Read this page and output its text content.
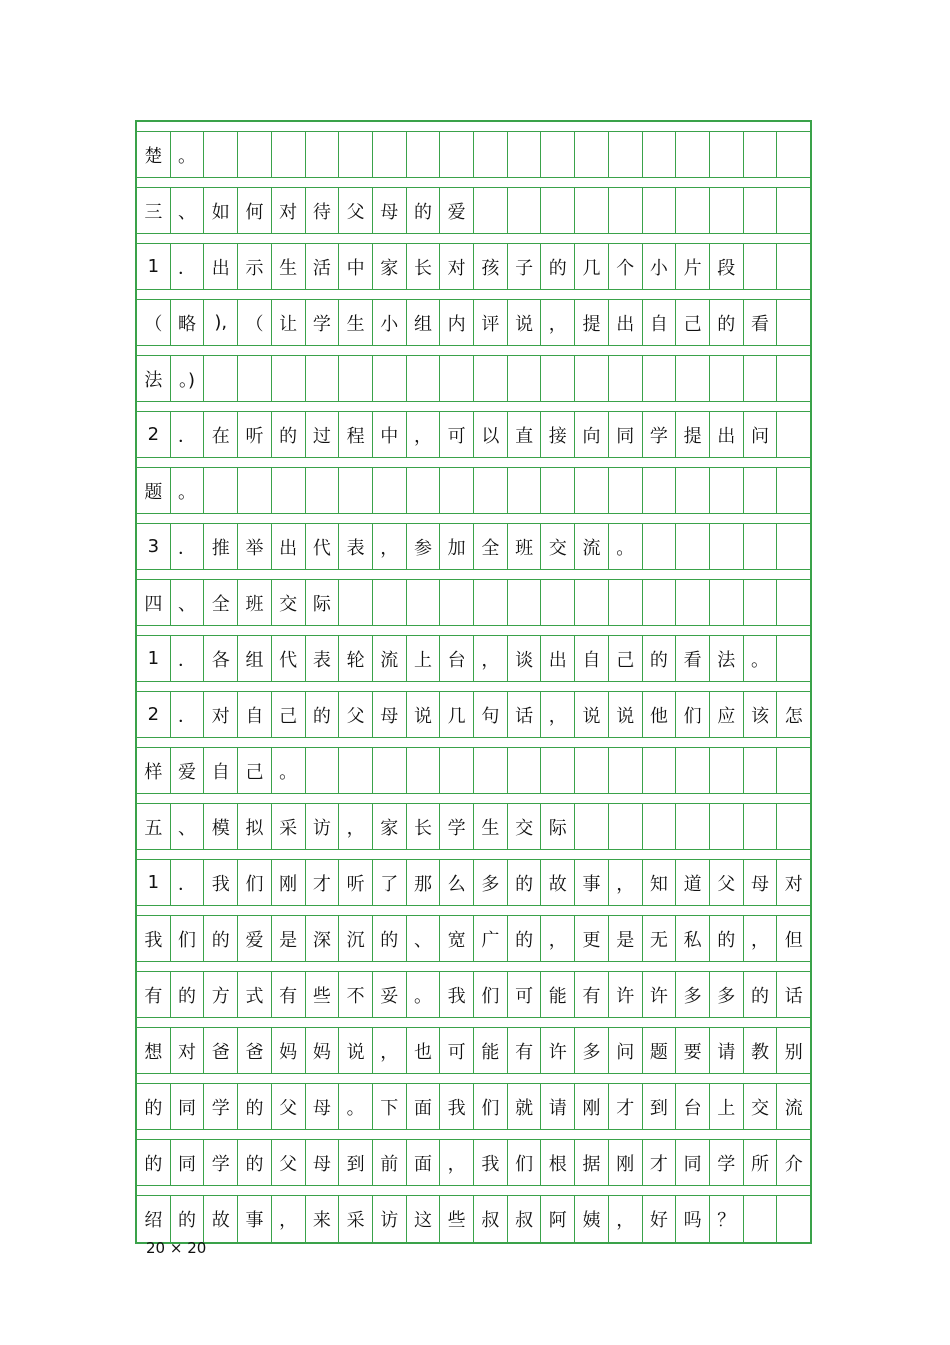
楚 。
三 、 如 何 对 待 父 母 的 爱
1	． 出 示 生 活 中 家 长 对 孩 子 的 几 个 小 片 段
（ 略	),	（ 让 学 生 小 组 内 评 说 ， 提 出 自 己 的 看
法 。)
2	． 在 听 的 过 程 中 ， 可 以 直 接 向 同 学 提 出 问
题 。
3	． 推 举 出 代 表 ， 参 加 全 班 交 流 。
四 、 全 班 交 际
1	． 各 组 代 表 轮 流 上 台 ， 谈 出 自 己 的 看 法 。
2	． 对 自 己 的 父 母 说 几 句 话 ， 说 说 他 们 应 该 怎
样 爱 自 己 。
五 、 模 拟 采 访 ， 家 长 学 生 交 际
1	． 我 们 刚 才 听 了 那 么 多 的 故 事 ， 知 道 父 母 对
我 们 的 爱 是 深 沉 的 、 宽 广 的 ， 更 是 无 私 的 ， 但
有 的 方 式 有 些 不 妥 。 我 们 可 能 有 许 许 多 多 的 话
想 对 爸 爸 妈 妈 说 ， 也 可 能 有 许 多 问 题 要 请 教 别
的 同 学 的 父 母 。 下 面 我 们 就 请 刚 才 到 台 上 交 流
的 同 学 的 父 母 到 前 面 ， 我 们 根 据 刚 才 同 学 所 介
绍 的 故 事 ， 来 采 访 这 些 叔 叔 阿 姨 ， 好 吗 ？
20 × 20
